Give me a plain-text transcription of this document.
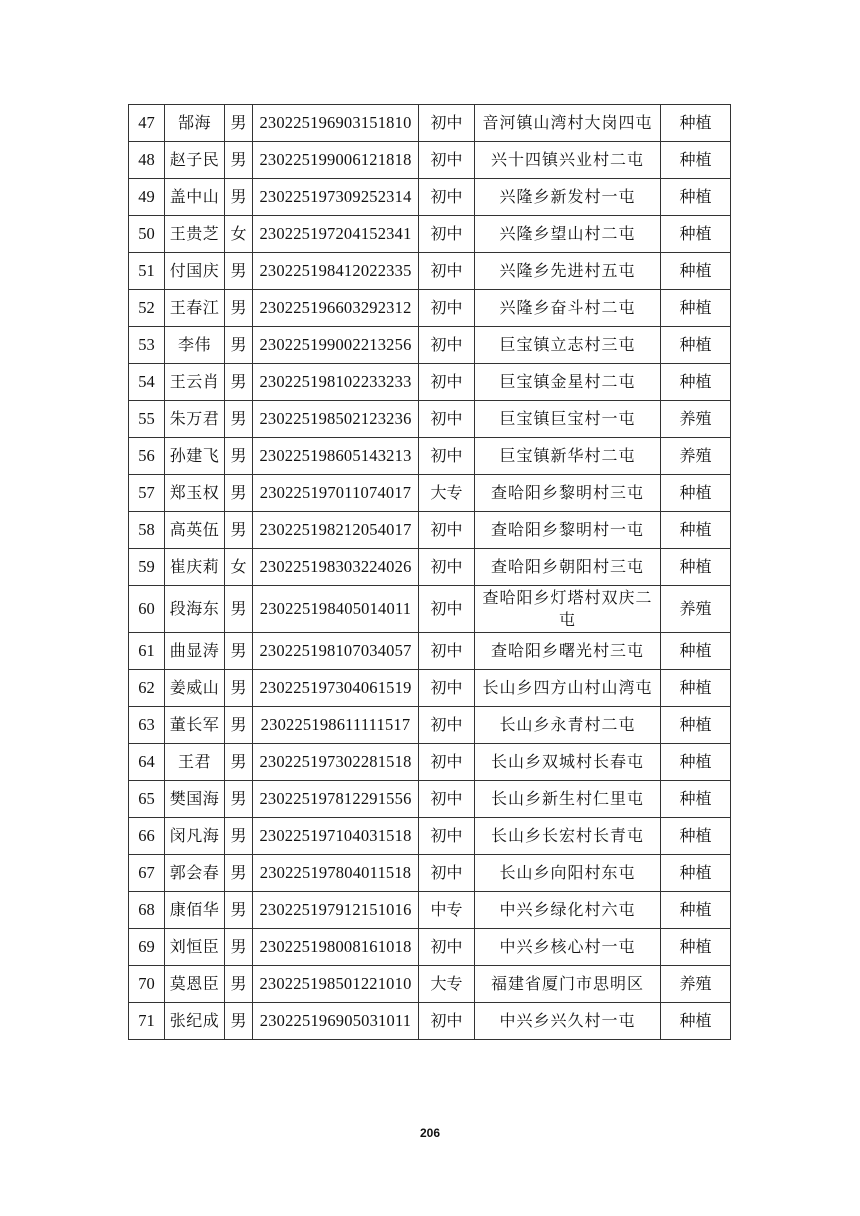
47	郜海	男	230225196903151810	初中	音河镇山湾村大岗四屯	种植
48	赵子民	男	230225199006121818	初中	兴十四镇兴业村二屯	种植
49	盖中山	男	230225197309252314	初中	兴隆乡新发村一屯	种植
50	王贵芝	女	230225197204152341	初中	兴隆乡望山村二屯	种植
51	付国庆	男	230225198412022335	初中	兴隆乡先进村五屯	种植
52	王春江	男	230225196603292312	初中	兴隆乡奋斗村二屯	种植
53	李伟	男	230225199002213256	初中	巨宝镇立志村三屯	种植
54	王云肖	男	230225198102233233	初中	巨宝镇金星村二屯	种植
55	朱万君	男	230225198502123236	初中	巨宝镇巨宝村一屯	养殖
56	孙建飞	男	230225198605143213	初中	巨宝镇新华村二屯	养殖
57	郑玉权	男	230225197011074017	大专	查哈阳乡黎明村三屯	种植
58	高英伍	男	230225198212054017	初中	查哈阳乡黎明村一屯	种植
59	崔庆莉	女	230225198303224026	初中	查哈阳乡朝阳村三屯	种植
60	段海东	男	230225198405014011	初中	查哈阳乡灯塔村双庆二屯	养殖
61	曲显涛	男	230225198107034057	初中	查哈阳乡曙光村三屯	种植
62	姜威山	男	230225197304061519	初中	长山乡四方山村山湾屯	种植
63	董长军	男	230225198611111517	初中	长山乡永青村二屯	种植
64	王君	男	230225197302281518	初中	长山乡双城村长春屯	种植
65	樊国海	男	230225197812291556	初中	长山乡新生村仁里屯	种植
66	闵凡海	男	230225197104031518	初中	长山乡长宏村长青屯	种植
67	郭会春	男	230225197804011518	初中	长山乡向阳村东屯	种植
68	康佰华	男	230225197912151016	中专	中兴乡绿化村六屯	种植
69	刘恒臣	男	230225198008161018	初中	中兴乡核心村一屯	种植
70	莫恩臣	男	230225198501221010	大专	福建省厦门市思明区	养殖
71	张纪成	男	230225196905031011	初中	中兴乡兴久村一屯	种植
206
